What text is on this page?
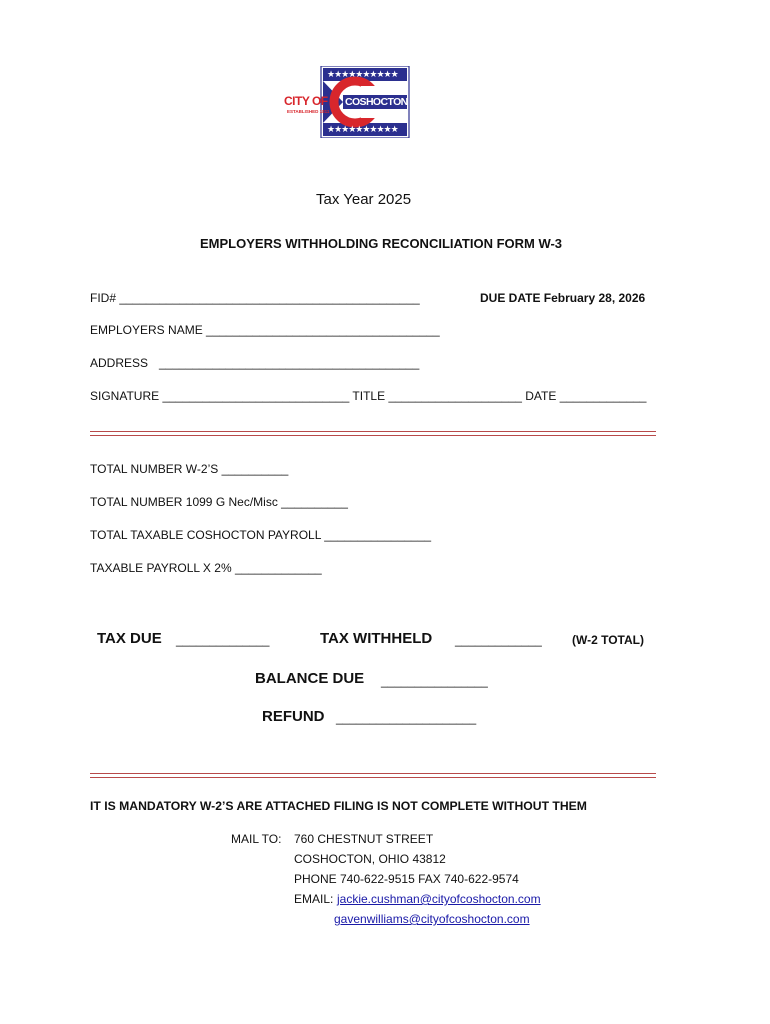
★★★★★★★★★★
★★★★★★★★★★
CITY OF COSHOCTON
ESTABLISHED 1811
Tax Year 2025
EMPLOYERS WITHHOLDING RECONCILIATION FORM W-3
FID# _____________________________________________	DUE DATE February 28, 2026
EMPLOYERS NAME ___________________________________
ADDRESS _______________________________________
SIGNATURE ____________________________ TITLE ____________________ DATE _____________
TOTAL NUMBER W-2’S __________
TOTAL NUMBER 1099 G Nec/Misc __________
TOTAL TAXABLE COSHOCTON PAYROLL ________________
TAXABLE PAYROLL X 2% _____________
TAX DUE ______________	TAX WITHHELD _____________	(W-2 TOTAL)
BALANCE DUE ________________
REFUND _____________________
IT IS MANDATORY W-2’S ARE ATTACHED FILING IS NOT COMPLETE WITHOUT THEM
MAIL TO: 760 CHESTNUT STREET
COSHOCTON, OHIO 43812
PHONE 740-622-9515 FAX 740-622-9574
EMAIL: jackie.cushman@cityofcoshocton.com
gavenwilliams@cityofcoshocton.com
